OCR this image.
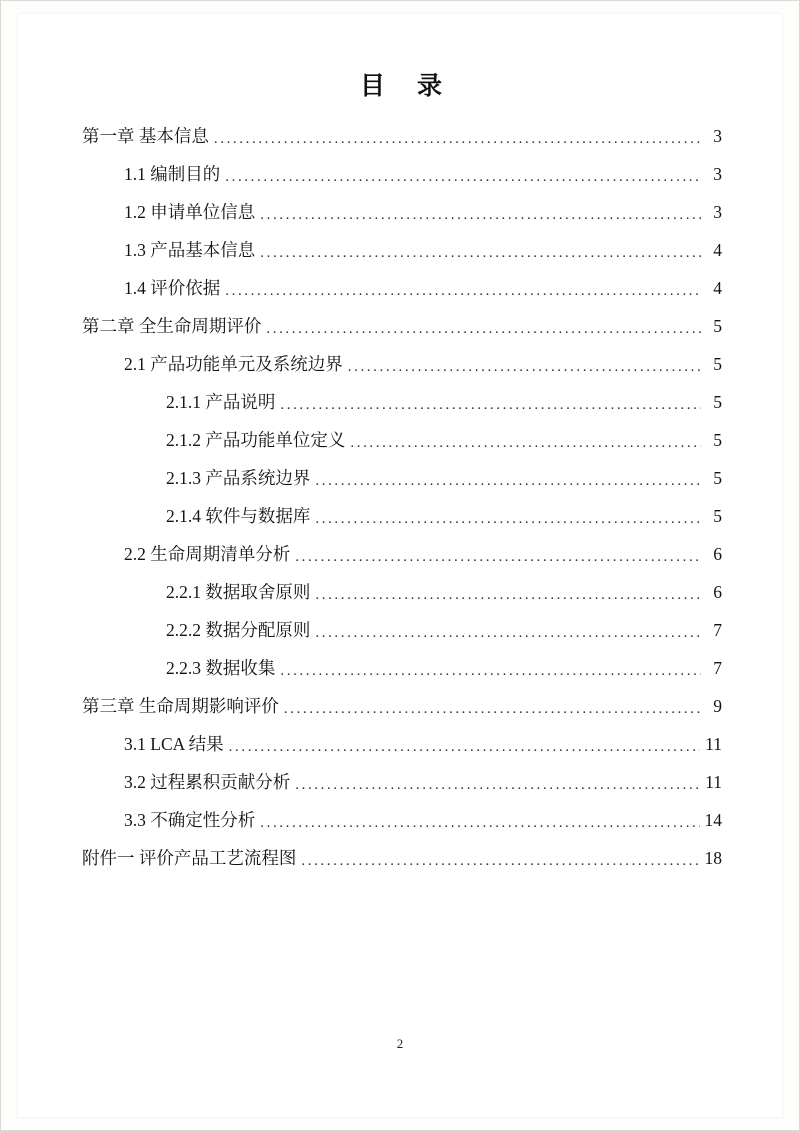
目 录
第一章 基本信息 .....	3
1.1 编制目的 .....	3
1.2 申请单位信息 .....	3
1.3 产品基本信息 .....	4
1.4 评价依据 .....	4
第二章 全生命周期评价 .....	5
2.1 产品功能单元及系统边界 .....	5
2.1.1 产品说明 .....	5
2.1.2 产品功能单位定义 .....	5
2.1.3 产品系统边界 .....	5
2.1.4 软件与数据库 .....	5
2.2 生命周期清单分析 .....	6
2.2.1 数据取舍原则 .....	6
2.2.2 数据分配原则 .....	7
2.2.3 数据收集 .....	7
第三章 生命周期影响评价 .....	9
3.1 LCA 结果 .....	11
3.2 过程累积贡献分析 .....	11
3.3 不确定性分析 .....	14
附件一 评价产品工艺流程图 .....	18
2
